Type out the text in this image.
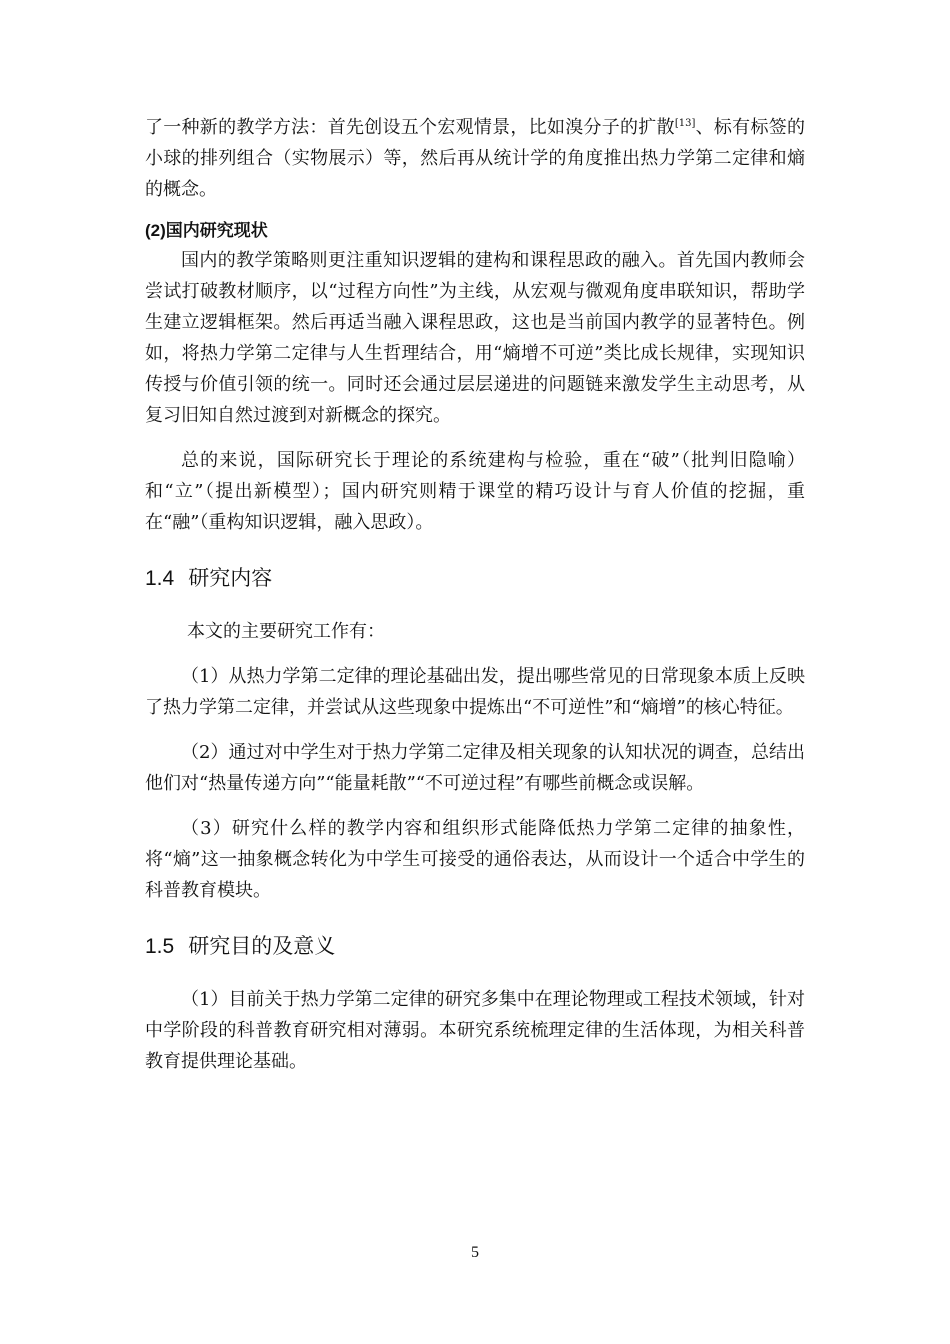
了一种新的教学方法：首先创设五个宏观情景，比如溴分子的扩散[13]、标有标签的小球的排列组合（实物展示）等，然后再从统计学的角度推出热力学第二定律和熵的概念。

(2)国内研究现状

国内的教学策略则更注重知识逻辑的建构和课程思政的融入。首先国内教师会尝试打破教材顺序，以“过程方向性”为主线，从宏观与微观角度串联知识，帮助学生建立逻辑框架。然后再适当融入课程思政，这也是当前国内教学的显著特色。例如，将热力学第二定律与人生哲理结合，用“熵增不可逆”类比成长规律，实现知识传授与价值引领的统一。同时还会通过层层递进的问题链来激发学生主动思考，从复习旧知自然过渡到对新概念的探究。

总的来说，国际研究长于理论的系统建构与检验，重在“破”（批判旧隐喻）和“立”（提出新模型）；国内研究则精于课堂的精巧设计与育人价值的挖掘，重在“融”（重构知识逻辑，融入思政）。

1.4 研究内容

本文的主要研究工作有：

（1）从热力学第二定律的理论基础出发，提出哪些常见的日常现象本质上反映了热力学第二定律，并尝试从这些现象中提炼出“不可逆性”和“熵增”的核心特征。

（2）通过对中学生对于热力学第二定律及相关现象的认知状况的调查，总结出他们对“热量传递方向”“能量耗散”“不可逆过程”有哪些前概念或误解。

（3）研究什么样的教学内容和组织形式能降低热力学第二定律的抽象性，将“熵”这一抽象概念转化为中学生可接受的通俗表达，从而设计一个适合中学生的科普教育模块。

1.5 研究目的及意义

（1）目前关于热力学第二定律的研究多集中在理论物理或工程技术领域，针对中学阶段的科普教育研究相对薄弱。本研究系统梳理定律的生活体现，为相关科普教育提供理论基础。

5
